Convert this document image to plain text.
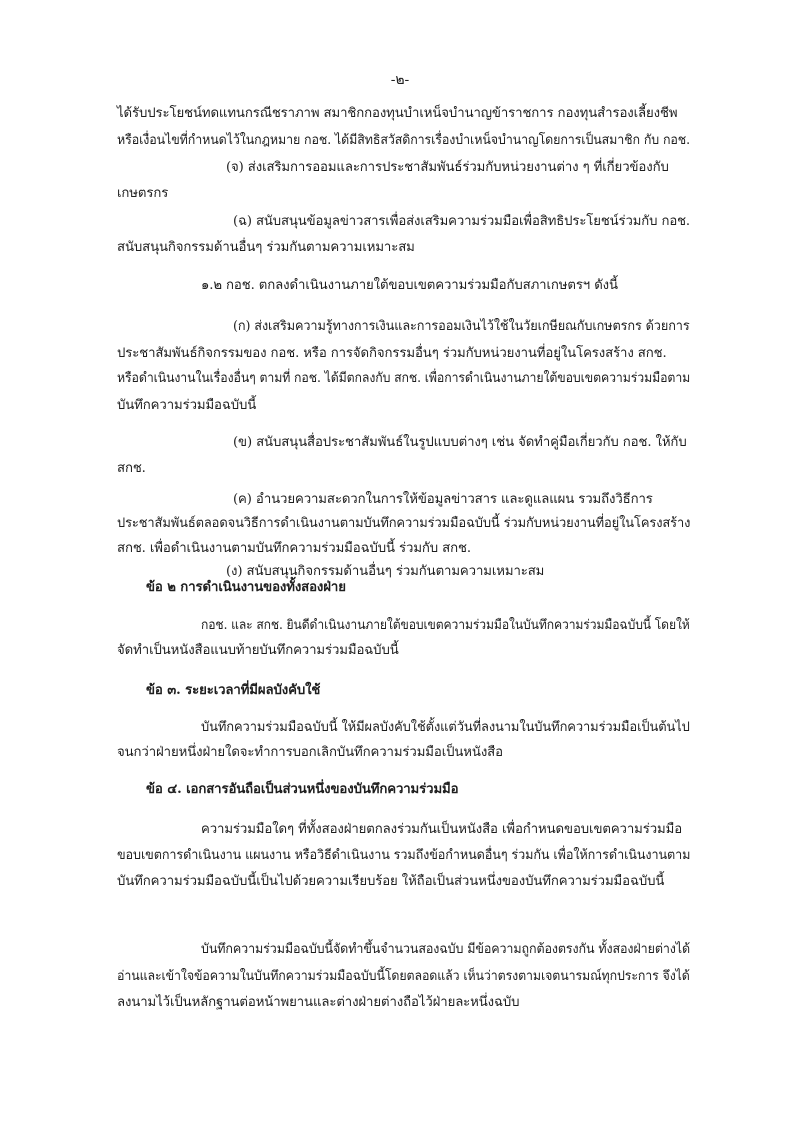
-๒-
ได้รับประโยชน์ทดแทนกรณีชราภาพ สมาชิกกองทุนบำเหน็จบำนาญข้าราชการ กองทุนสำรองเลี้ยงชีพ
หรือเงื่อนไขที่กำหนดไว้ในกฎหมาย กอช. ได้มีสิทธิสวัสดิการเรื่องบำเหน็จบำนาญโดยการเป็นสมาชิก กับ กอช.
(จ) ส่งเสริมการออมและการประชาสัมพันธ์ร่วมกับหน่วยงานต่าง ๆ ที่เกี่ยวข้องกับ
เกษตรกร
(ฉ) สนับสนุนข้อมูลข่าวสารเพื่อส่งเสริมความร่วมมือเพื่อสิทธิประโยชน์ร่วมกับ กอช.
สนับสนุนกิจกรรมด้านอื่นๆ ร่วมกันตามความเหมาะสม
๑.๒ กอช. ตกลงดำเนินงานภายใต้ขอบเขตความร่วมมือกับสภาเกษตรฯ ดังนี้
(ก) ส่งเสริมความรู้ทางการเงินและการออมเงินไว้ใช้ในวัยเกษียณกับเกษตรกร ด้วยการ
ประชาสัมพันธ์กิจกรรมของ กอช. หรือ การจัดกิจกรรมอื่นๆ ร่วมกับหน่วยงานที่อยู่ในโครงสร้าง สกช.
หรือดำเนินงานในเรื่องอื่นๆ ตามที่ กอช. ได้มีตกลงกับ สกช. เพื่อการดำเนินงานภายใต้ขอบเขตความร่วมมือตาม
บันทึกความร่วมมือฉบับนี้
(ข) สนับสนุนสื่อประชาสัมพันธ์ในรูปแบบต่างๆ เช่น จัดทำคู่มือเกี่ยวกับ กอช. ให้กับ
สกช.
(ค) อำนวยความสะดวกในการให้ข้อมูลข่าวสาร และดูแลแผน รวมถึงวิธีการ
ประชาสัมพันธ์ตลอดจนวิธีการดำเนินงานตามบันทึกความร่วมมือฉบับนี้ ร่วมกับหน่วยงานที่อยู่ในโครงสร้าง
สกช. เพื่อดำเนินงานตามบันทึกความร่วมมือฉบับนี้ ร่วมกับ สกช.
(ง) สนับสนุนกิจกรรมด้านอื่นๆ ร่วมกันตามความเหมาะสม
ข้อ ๒ การดำเนินงานของทั้งสองฝ่าย
กอช. และ สกช. ยินดีดำเนินงานภายใต้ขอบเขตความร่วมมือในบันทึกความร่วมมือฉบับนี้ โดยให้
จัดทำเป็นหนังสือแนบท้ายบันทึกความร่วมมือฉบับนี้
ข้อ ๓. ระยะเวลาที่มีผลบังคับใช้
บันทึกความร่วมมือฉบับนี้ ให้มีผลบังคับใช้ตั้งแต่วันที่ลงนามในบันทึกความร่วมมือเป็นต้นไป
จนกว่าฝ่ายหนึ่งฝ่ายใดจะทำการบอกเลิกบันทึกความร่วมมือเป็นหนังสือ
ข้อ ๔. เอกสารอันถือเป็นส่วนหนึ่งของบันทึกความร่วมมือ
ความร่วมมือใดๆ ที่ทั้งสองฝ่ายตกลงร่วมกันเป็นหนังสือ เพื่อกำหนดขอบเขตความร่วมมือ
ขอบเขตการดำเนินงาน แผนงาน หรือวิธีดำเนินงาน รวมถึงข้อกำหนดอื่นๆ ร่วมกัน เพื่อให้การดำเนินงานตาม
บันทึกความร่วมมือฉบับนี้เป็นไปด้วยความเรียบร้อย ให้ถือเป็นส่วนหนึ่งของบันทึกความร่วมมือฉบับนี้
บันทึกความร่วมมือฉบับนี้จัดทำขึ้นจำนวนสองฉบับ มีข้อความถูกต้องตรงกัน ทั้งสองฝ่ายต่างได้
อ่านและเข้าใจข้อความในบันทึกความร่วมมือฉบับนี้โดยตลอดแล้ว เห็นว่าตรงตามเจตนารมณ์ทุกประการ จึงได้
ลงนามไว้เป็นหลักฐานต่อหน้าพยานและต่างฝ่ายต่างถือไว้ฝ่ายละหนึ่งฉบับ
